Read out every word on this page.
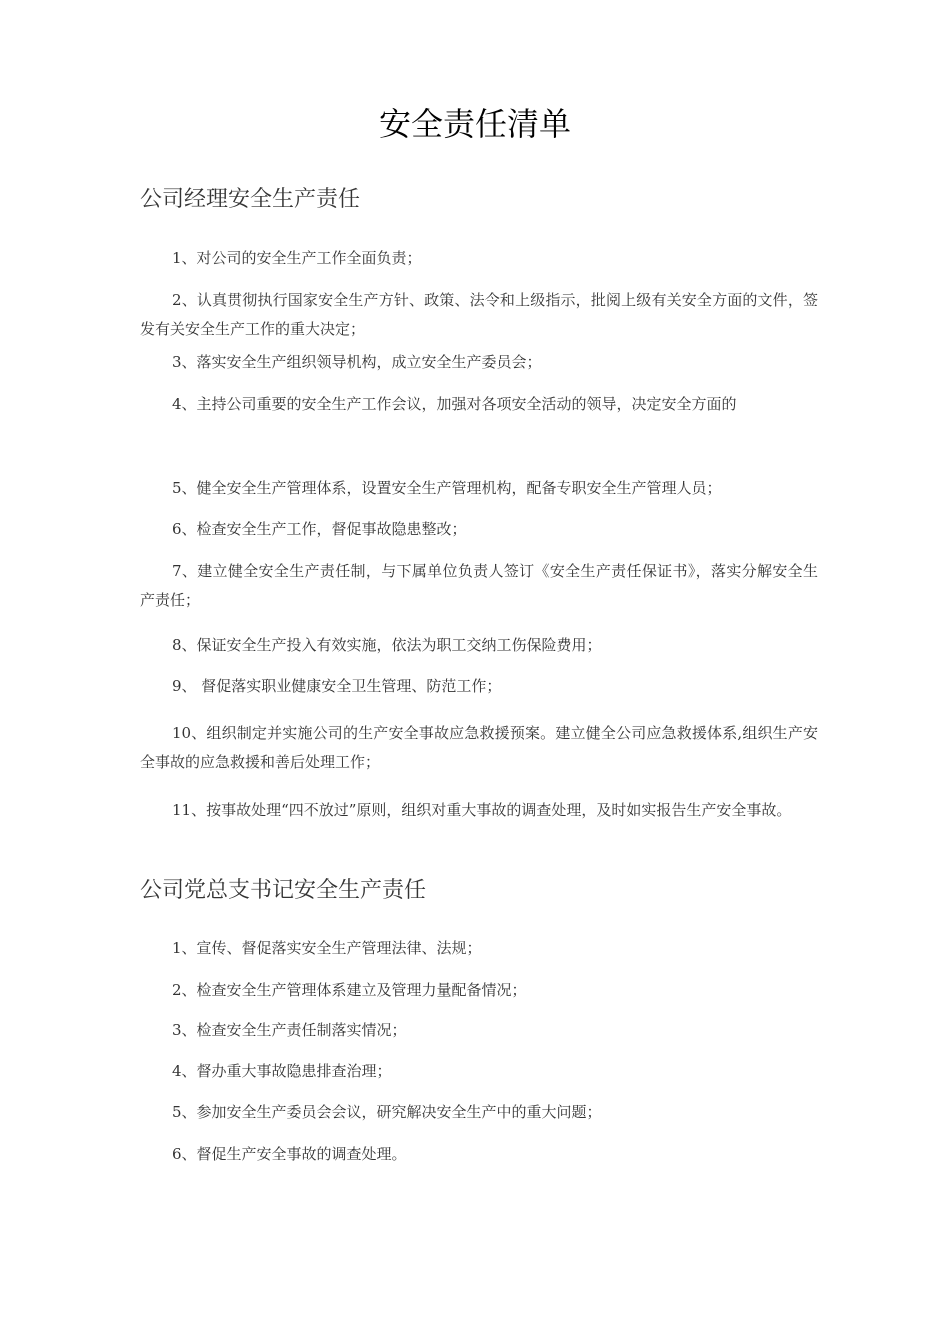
安全责任清单
公司经理安全生产责任

1、对公司的安全生产工作全面负责；

2、认真贯彻执行国家安全生产方针、政策、法令和上级指示，批阅上级有关安全方面的文件，签发有关安全生产工作的重大决定；

3、落实安全生产组织领导机构，成立安全生产委员会；

4、主持公司重要的安全生产工作会议，加强对各项安全活动的领导，决定安全方面的

5、健全安全生产管理体系，设置安全生产管理机构，配备专职安全生产管理人员；

6、检查安全生产工作，督促事故隐患整改；

7、建立健全安全生产责任制，与下属单位负责人签订《安全生产责任保证书》，落实分解安全生产责任；

8、保证安全生产投入有效实施，依法为职工交纳工伤保险费用；

9、 督促落实职业健康安全卫生管理、防范工作；

10、组织制定并实施公司的生产安全事故应急救援预案。建立健全公司应急救援体系,组织生产安全事故的应急救援和善后处理工作；

11、按事故处理“四不放过”原则，组织对重大事故的调查处理，及时如实报告生产安全事故。

公司党总支书记安全生产责任

1、宣传、督促落实安全生产管理法律、法规；

2、检查安全生产管理体系建立及管理力量配备情况；

3、检查安全生产责任制落实情况；

4、督办重大事故隐患排查治理；

5、参加安全生产委员会会议，研究解决安全生产中的重大问题；

6、督促生产安全事故的调查处理。
